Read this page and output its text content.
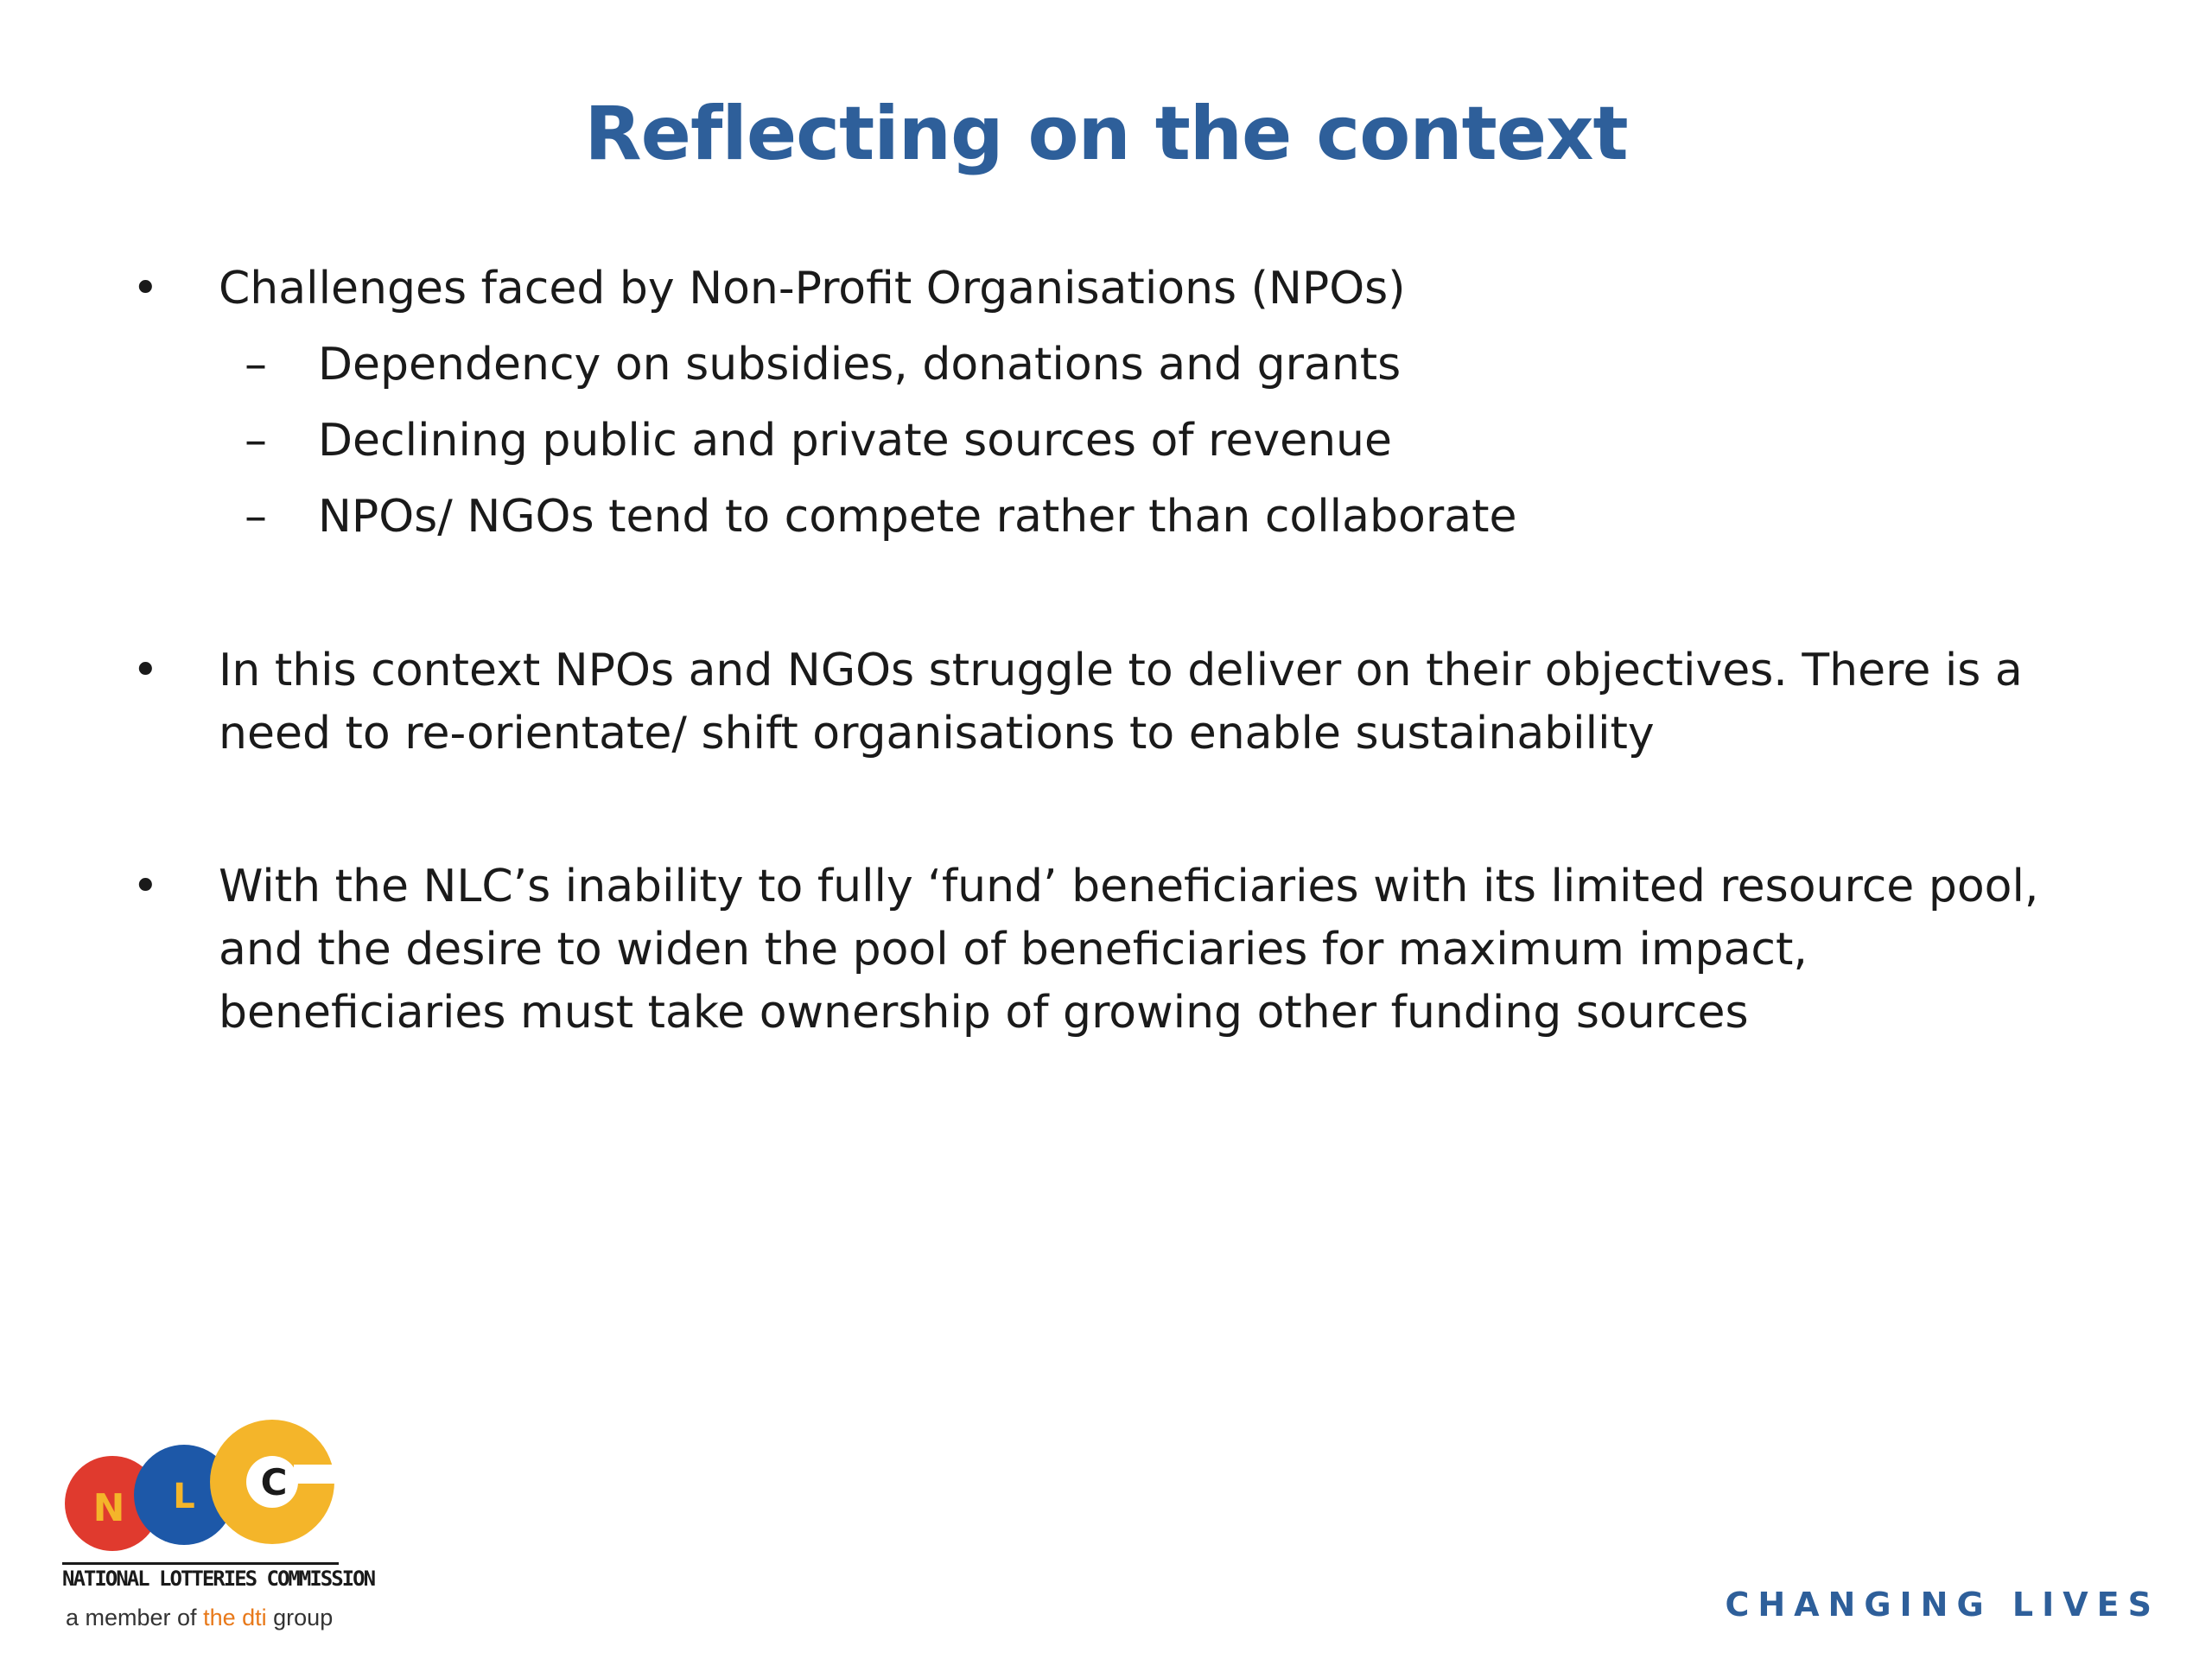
Reflecting on the context

• Challenges faced by Non-Profit Organisations (NPOs)

– Dependency on subsidies, donations and grants

– Declining public and private sources of revenue

– NPOs/ NGOs tend to compete rather than collaborate

• In this context NPOs and NGOs struggle to deliver on their objectives. There is a need to re-orientate/ shift organisations to enable sustainability

• With the NLC’s inability to fully ‘fund’ beneficiaries with its limited resource pool, and the desire to widen the pool of beneficiaries for maximum impact, beneficiaries must take ownership of growing other funding sources

N L C
NATIONAL LOTTERIES COMMISSION
a member of the dti group	CHANGING LIVES
